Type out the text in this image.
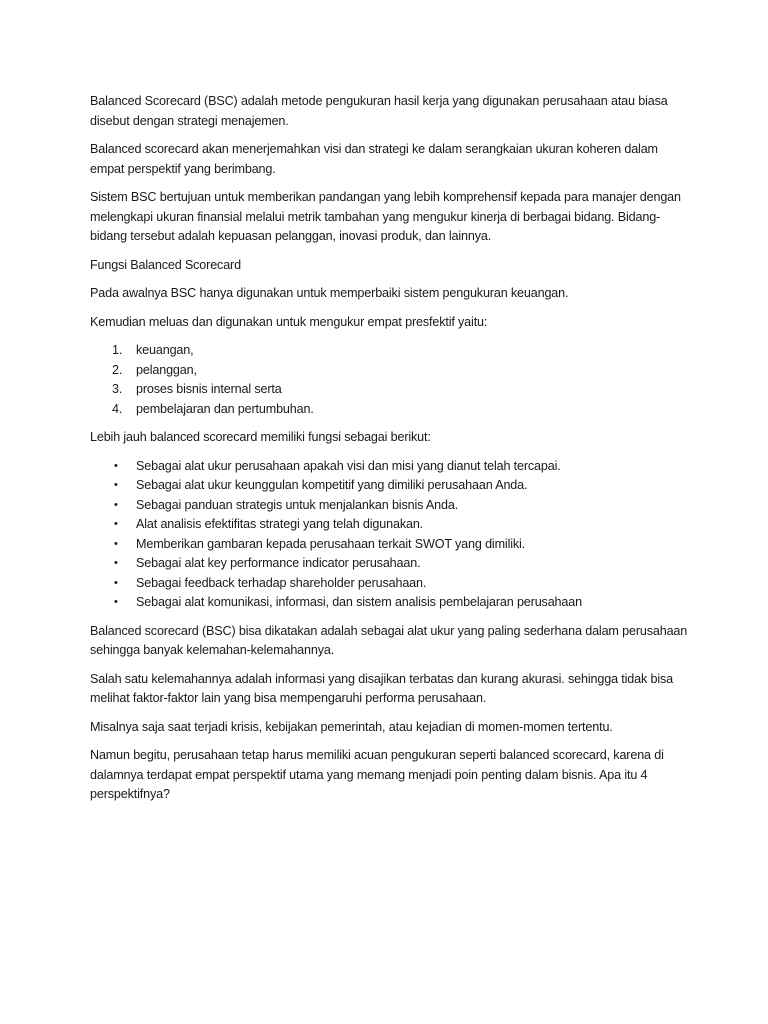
Balanced Scorecard (BSC) adalah metode pengukuran hasil kerja yang digunakan perusahaan atau biasa disebut dengan strategi menajemen.

Balanced scorecard akan menerjemahkan visi dan strategi ke dalam serangkaian ukuran koheren dalam empat perspektif yang berimbang.

Sistem BSC bertujuan untuk memberikan pandangan yang lebih komprehensif kepada para manajer dengan melengkapi ukuran finansial melalui metrik tambahan yang mengukur kinerja di berbagai bidang. Bidang-bidang tersebut adalah kepuasan pelanggan, inovasi produk, dan lainnya.

Fungsi Balanced Scorecard

Pada awalnya BSC hanya digunakan untuk memperbaiki sistem pengukuran keuangan.

Kemudian meluas dan digunakan untuk mengukur empat presfektif yaitu:

1. keuangan,
2. pelanggan,
3. proses bisnis internal serta
4. pembelajaran dan pertumbuhan.

Lebih jauh balanced scorecard memiliki fungsi sebagai berikut:

• Sebagai alat ukur perusahaan apakah visi dan misi yang dianut telah tercapai.
• Sebagai alat ukur keunggulan kompetitif yang dimiliki perusahaan Anda.
• Sebagai panduan strategis untuk menjalankan bisnis Anda.
• Alat analisis efektifitas strategi yang telah digunakan.
• Memberikan gambaran kepada perusahaan terkait SWOT yang dimiliki.
• Sebagai alat key performance indicator perusahaan.
• Sebagai feedback terhadap shareholder perusahaan.
• Sebagai alat komunikasi, informasi, dan sistem analisis pembelajaran perusahaan

Balanced scorecard (BSC) bisa dikatakan adalah sebagai alat ukur yang paling sederhana dalam perusahaan sehingga banyak kelemahan-kelemahannya.

Salah satu kelemahannya adalah informasi yang disajikan terbatas dan kurang akurasi. sehingga tidak bisa melihat faktor-faktor lain yang bisa mempengaruhi performa perusahaan.

Misalnya saja saat terjadi krisis, kebijakan pemerintah, atau kejadian di momen-momen tertentu.

Namun begitu, perusahaan tetap harus memiliki acuan pengukuran seperti balanced scorecard, karena di dalamnya terdapat empat perspektif utama yang memang menjadi poin penting dalam bisnis. Apa itu 4 perspektifnya?
